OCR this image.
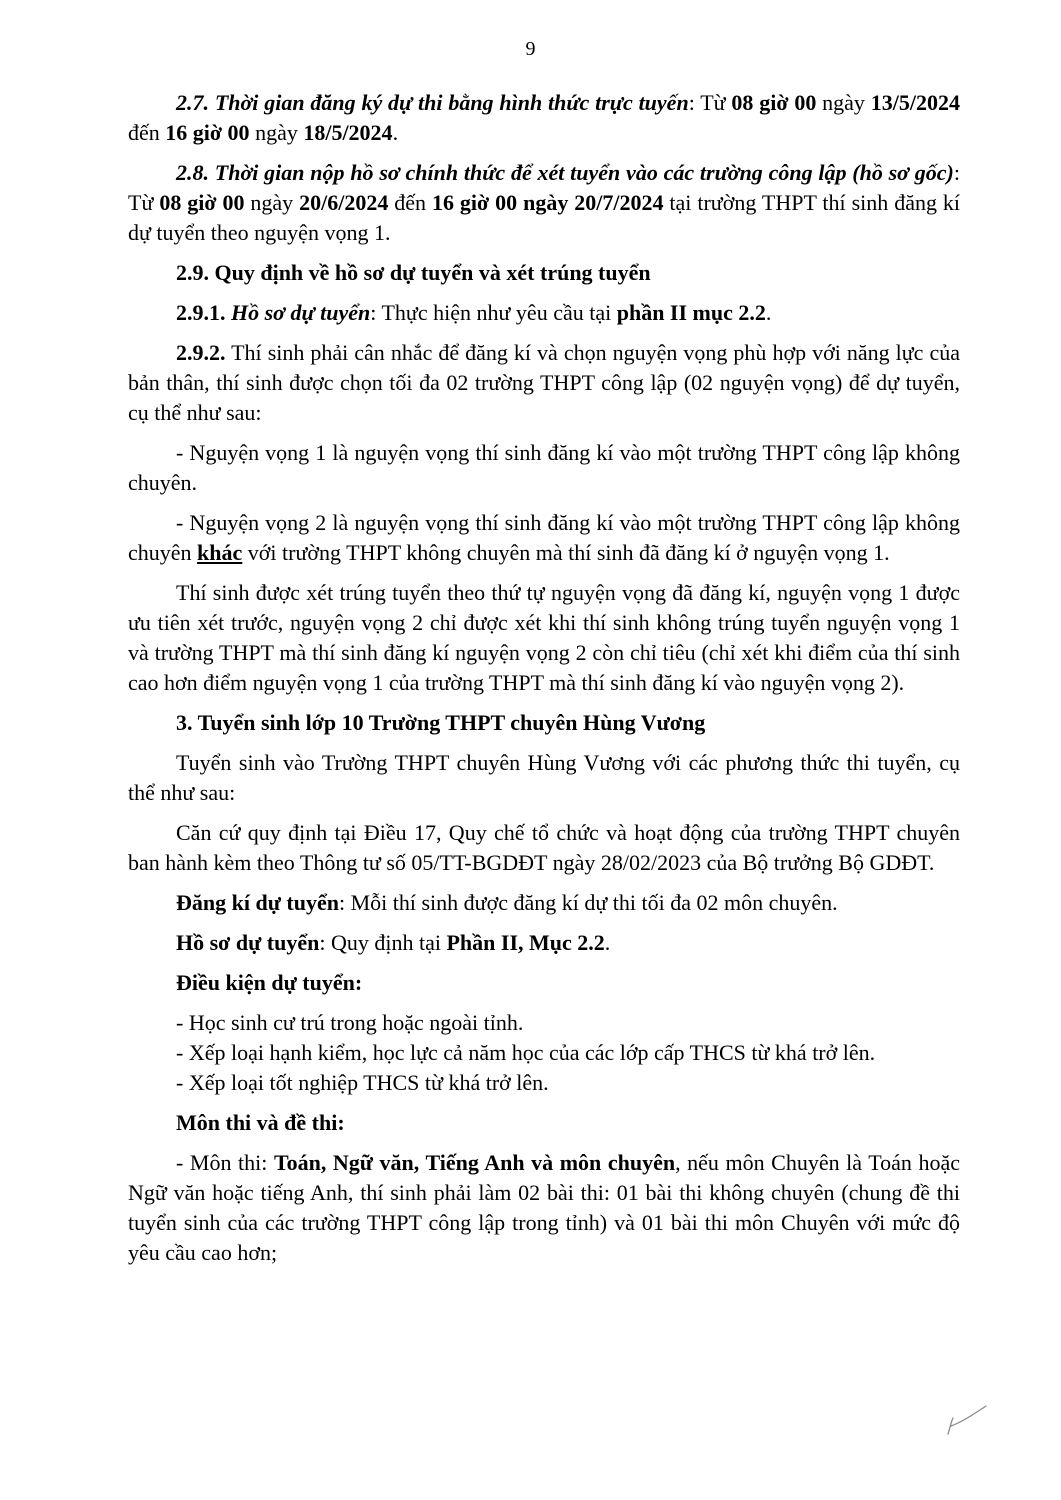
9

2.7. Thời gian đăng ký dự thi bằng hình thức trực tuyến: Từ 08 giờ 00 ngày 13/5/2024 đến 16 giờ 00 ngày 18/5/2024.

2.8. Thời gian nộp hồ sơ chính thức để xét tuyển vào các trường công lập (hồ sơ gốc): Từ 08 giờ 00 ngày 20/6/2024 đến 16 giờ 00 ngày 20/7/2024 tại trường THPT thí sinh đăng kí dự tuyển theo nguyện vọng 1.

2.9. Quy định về hồ sơ dự tuyển và xét trúng tuyển

2.9.1. Hồ sơ dự tuyển: Thực hiện như yêu cầu tại phần II mục 2.2.

2.9.2. Thí sinh phải cân nhắc để đăng kí và chọn nguyện vọng phù hợp với năng lực của bản thân, thí sinh được chọn tối đa 02 trường THPT công lập (02 nguyện vọng) để dự tuyển, cụ thể như sau:

- Nguyện vọng 1 là nguyện vọng thí sinh đăng kí vào một trường THPT công lập không chuyên.

- Nguyện vọng 2 là nguyện vọng thí sinh đăng kí vào một trường THPT công lập không chuyên khác với trường THPT không chuyên mà thí sinh đã đăng kí ở nguyện vọng 1.

Thí sinh được xét trúng tuyển theo thứ tự nguyện vọng đã đăng kí, nguyện vọng 1 được ưu tiên xét trước, nguyện vọng 2 chỉ được xét khi thí sinh không trúng tuyển nguyện vọng 1 và trường THPT mà thí sinh đăng kí nguyện vọng 2 còn chỉ tiêu (chỉ xét khi điểm của thí sinh cao hơn điểm nguyện vọng 1 của trường THPT mà thí sinh đăng kí vào nguyện vọng 2).

3. Tuyển sinh lớp 10 Trường THPT chuyên Hùng Vương

Tuyển sinh vào Trường THPT chuyên Hùng Vương với các phương thức thi tuyển, cụ thể như sau:

Căn cứ quy định tại Điều 17, Quy chế tổ chức và hoạt động của trường THPT chuyên ban hành kèm theo Thông tư số 05/TT-BGDĐT ngày 28/02/2023 của Bộ trưởng Bộ GDĐT.

Đăng kí dự tuyển: Mỗi thí sinh được đăng kí dự thi tối đa 02 môn chuyên.

Hồ sơ dự tuyển: Quy định tại Phần II, Mục 2.2.

Điều kiện dự tuyển:

- Học sinh cư trú trong hoặc ngoài tỉnh.

- Xếp loại hạnh kiểm, học lực cả năm học của các lớp cấp THCS từ khá trở lên.

- Xếp loại tốt nghiệp THCS từ khá trở lên.

Môn thi và đề thi:

- Môn thi: Toán, Ngữ văn, Tiếng Anh và môn chuyên, nếu môn Chuyên là Toán hoặc Ngữ văn hoặc tiếng Anh, thí sinh phải làm 02 bài thi: 01 bài thi không chuyên (chung đề thi tuyển sinh của các trường THPT công lập trong tỉnh) và 01 bài thi môn Chuyên với mức độ yêu cầu cao hơn;
